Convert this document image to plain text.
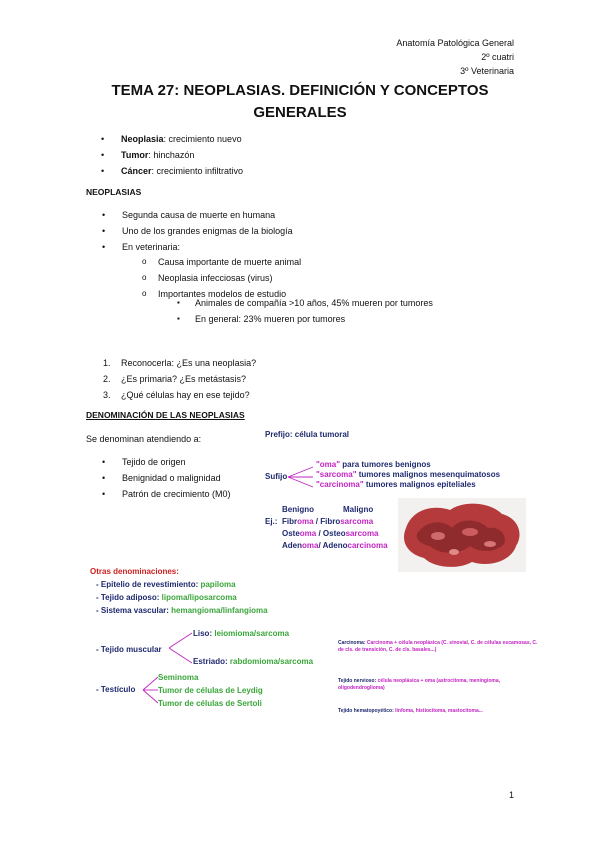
Anatomía Patológica General
2º cuatri
3º Veterinaria
TEMA 27: NEOPLASIAS. DEFINICIÓN Y CONCEPTOS
GENERALES
• Neoplasia: crecimiento nuevo
• Tumor: hinchazón
• Cáncer: crecimiento infiltrativo
NEOPLASIAS
• Segunda causa de muerte en humana
• Uno de los grandes enigmas de la biología
• En veterinaria:
o Causa importante de muerte animal
o Neoplasia infecciosas (virus)
o Importantes modelos de estudio
▪ Animales de compañía >10 años, 45% mueren por tumores
▪ En general: 23% mueren por tumores
1. Reconocerla: ¿Es una neoplasia?
2. ¿Es primaria? ¿Es metástasis?
3. ¿Qué células hay en ese tejido?
DENOMINACIÓN DE LAS NEOPLASIAS
Se denominan atendiendo a:
• Tejido de origen
• Benignidad o malignidad
• Patrón de crecimiento (M0)
Prefijo: célula tumoral
Sufijo
"oma" para tumores benignos
"sarcoma" tumores malignos mesenquimatosos
"carcinoma" tumores malignos epiteliales
Benigno	Maligno
Ej.: Fibroma / Fibrosarcoma
Osteoma / Osteosarcoma
Adenoma/ Adenocarcinoma
Otras denominaciones:
- Epitelio de revestimiento: papiloma
- Tejido adiposo: lipoma/liposarcoma
- Sistema vascular: hemangioma/linfangioma
- Tejido muscular
Liso: leiomioma/sarcoma
Estriado: rabdomioma/sarcoma
- Testículo
Seminoma
Tumor de células de Leydig
Tumor de células de Sertoli
Carcinoma: Carcinoma + célula neoplásica (C. sinovial, C. de células escamosas, C. de cls. de transición, C. de cls. basales...)
Tejido nervioso: célula neoplásica + oma (astrocitoma, meningioma, oligodendroglioma)
Tejido hematopoyético: linfoma, histiocitoma, mastocitoma...
1
